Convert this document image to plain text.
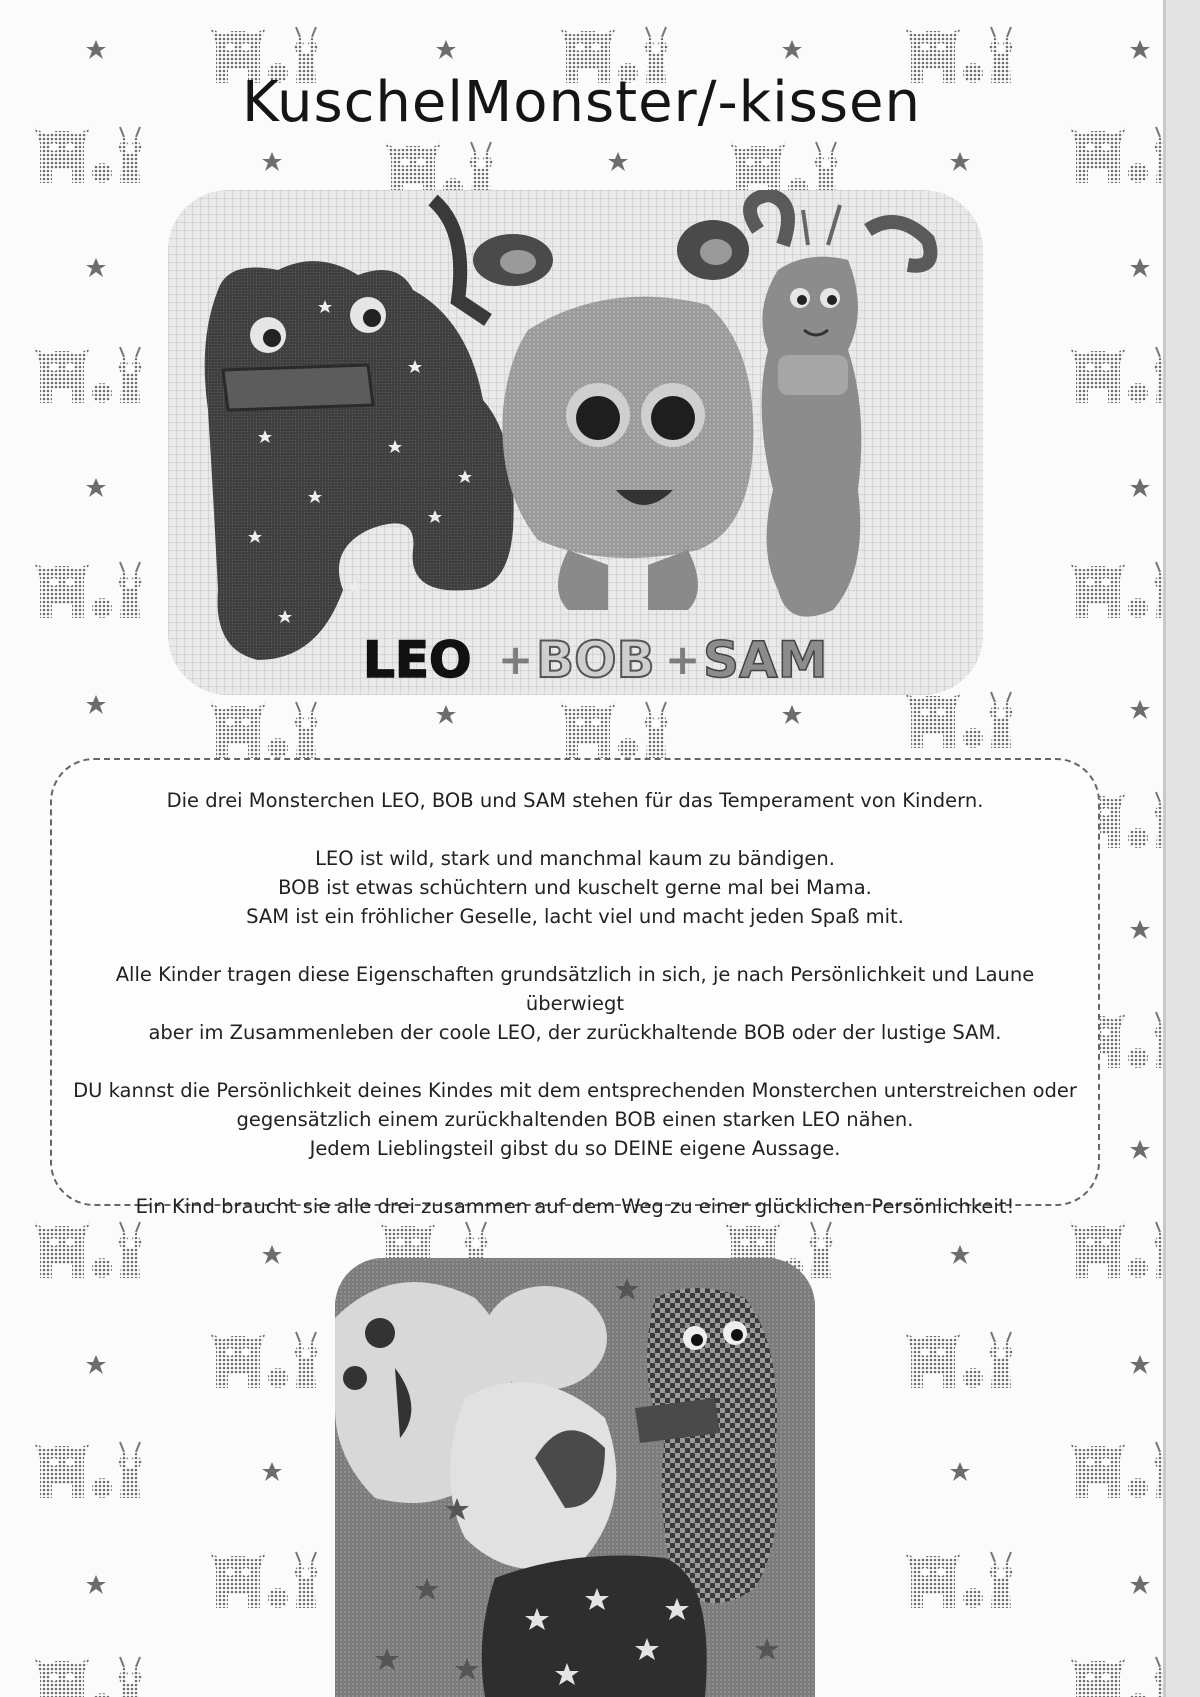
KuschelMonster/-kissen
LEO + BOB + SAM

Die drei Monsterchen LEO, BOB und SAM stehen für das Temperament von Kindern.

LEO ist wild, stark und manchmal kaum zu bändigen.
BOB ist etwas schüchtern und kuschelt gerne mal bei Mama.
SAM ist ein fröhlicher Geselle, lacht viel und macht jeden Spaß mit.

Alle Kinder tragen diese Eigenschaften grundsätzlich in sich, je nach Persönlichkeit und Laune überwiegt
aber im Zusammenleben der coole LEO, der zurückhaltende BOB oder der lustige SAM.

DU kannst die Persönlichkeit deines Kindes mit dem entsprechenden Monsterchen unterstreichen oder
gegensätzlich einem zurückhaltenden BOB einen starken LEO nähen.
Jedem Lieblingsteil gibst du so DEINE eigene Aussage.

Ein Kind braucht sie alle drei zusammen auf dem Weg zu einer glücklichen Persönlichkeit!
